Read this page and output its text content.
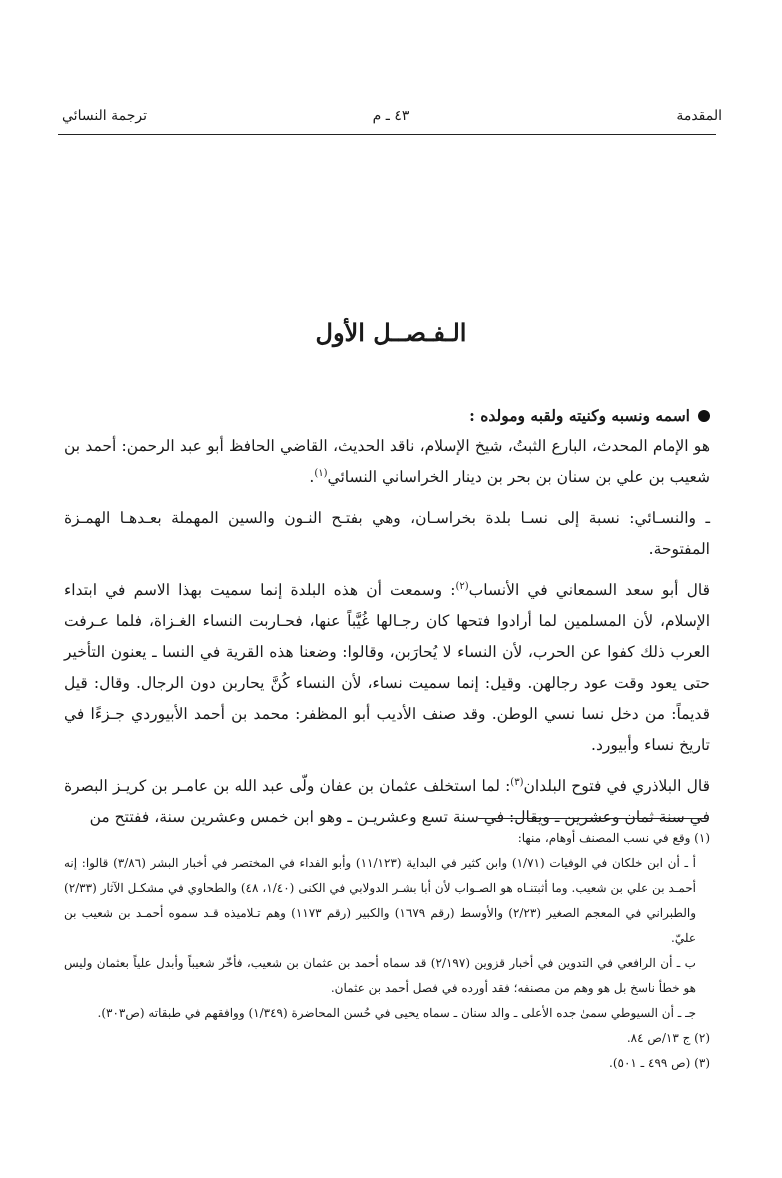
المقدمة
٤٣ ـ م
ترجمة النسائي
الـفـصــل الأول

اسمه ونسبه وكنيته ولقبه ومولده :

هو الإمام المحدث، البارع الثبتُ، شيخ الإسلام، ناقد الحديث، القاضي الحافظ أبو عبد الرحمن: أحمد بن شعيب بن علي بن سنان بن بحر بن دينار الخراساني النسائي$^{(١)}$.

ـ والنسـائي: نسبة إلى نسـا بلدة بخراسـان، وهي بفتـح النـون والسين المهملة بعـدهـا الهمـزة المفتوحة.

قال أبو سعد السمعاني في الأنساب$^{(٢)}$: وسمعت أن هذه البلدة إنما سميت بهذا الاسم في ابتداء الإسلام، لأن المسلمين لما أرادوا فتحها كان رجـالها غُيَّباً عنها، فحـاربت النساء الغـزاة، فلما عـرفت العرب ذلك كفوا عن الحرب، لأن النساء لا يُحارَبن، وقالوا: وضعنا هذه القرية في النسا ـ يعنون التأخير حتى يعود وقت عود رجالهن. وقيل: إنما سميت نساء، لأن النساء كُنَّ يحاربن دون الرجال. وقال: قيل قديماً: من دخل نسا نسي الوطن. وقد صنف الأديب أبو المظفر: محمد بن أحمد الأبيوردي جـزءًا في تاريخ نساء وأبيورد.

قال البلاذري في فتوح البلدان$^{(٣)}$: لما استخلف عثمان بن عفان ولّى عبد الله بن عامـر بن كريـز البصرة في سنة ثمان وعشرين ـ ويقال: في سنة تسع وعشريـن ـ وهو ابن خمس وعشرين سنة، ففتتح من

(١) وقع في نسب المصنف أوهام، منها:

أ ـ أن ابن خلكان في الوفيات (١/٧١) وابن كثير في البداية (١١/١٢٣) وأبو الفداء في المختصر في أخبار البشر (٣/٨٦) قالوا: إنه أحمـد بن علي بن شعيب. وما أثبتنـاه هو الصـواب لأن أبا بشـر الدولابي في الكنى (١/٤٠، ٤٨) والطحاوي في مشكـل الآثار (٢/٣٣) والطبراني في المعجم الصغير (٢/٢٣) والأوسط (رقم ١٦٧٩) والكبير (رقم ١١٧٣) وهم تـلاميذه قـد سموه أحمـد بن شعيب بن عليّ.

ب ـ أن الرافعي في التدوين في أخبار قزوين (٢/١٩٧) قد سماه أحمد بن عثمان بن شعيب، فأخّر شعيباً وأبدل علياً بعثمان وليس هو خطأ ناسخ بل هو وهم من مصنفه؛ فقد أورده في فصل أحمد بن عثمان.

جـ ـ أن السيوطي سمىٰ جده الأعلى ـ والد سنان ـ سماه يحيى في حُسن المحاضرة (١/٣٤٩) ووافقهم في طبقاته (ص٣٠٣).

(٢) ج ١٣/ص ٨٤.

(٣) (ص ٤٩٩ ـ ٥٠١).
